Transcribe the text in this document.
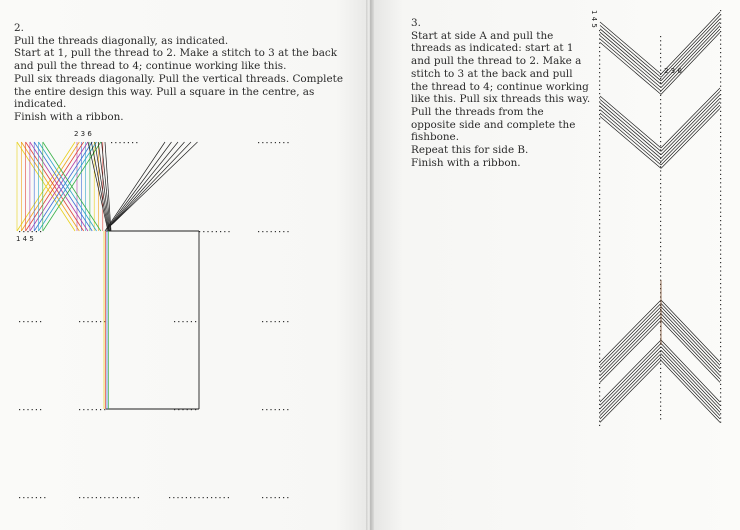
2.

Pull the threads diagonally, as indicated.

Start at 1, pull the thread to 2. Make a stitch to 3 at the back and pull the thread to 4; continue working like this.

Pull six threads diagonally. Pull the vertical threads. Complete the entire design this way. Pull a square in the centre, as indicated.

Finish with a ribbon.

3.

Start at side A and pull the threads as indicated: start at 1 and pull the thread to 2. Make a stitch to 3 at the back and pull the thread to 4; continue working like this. Pull six threads this way. Pull the threads from the opposite side and complete the fishbone.

Repeat this for side B.

Finish with a ribbon.

2 3 6
1 4 5
1 4 5
2 3 6
